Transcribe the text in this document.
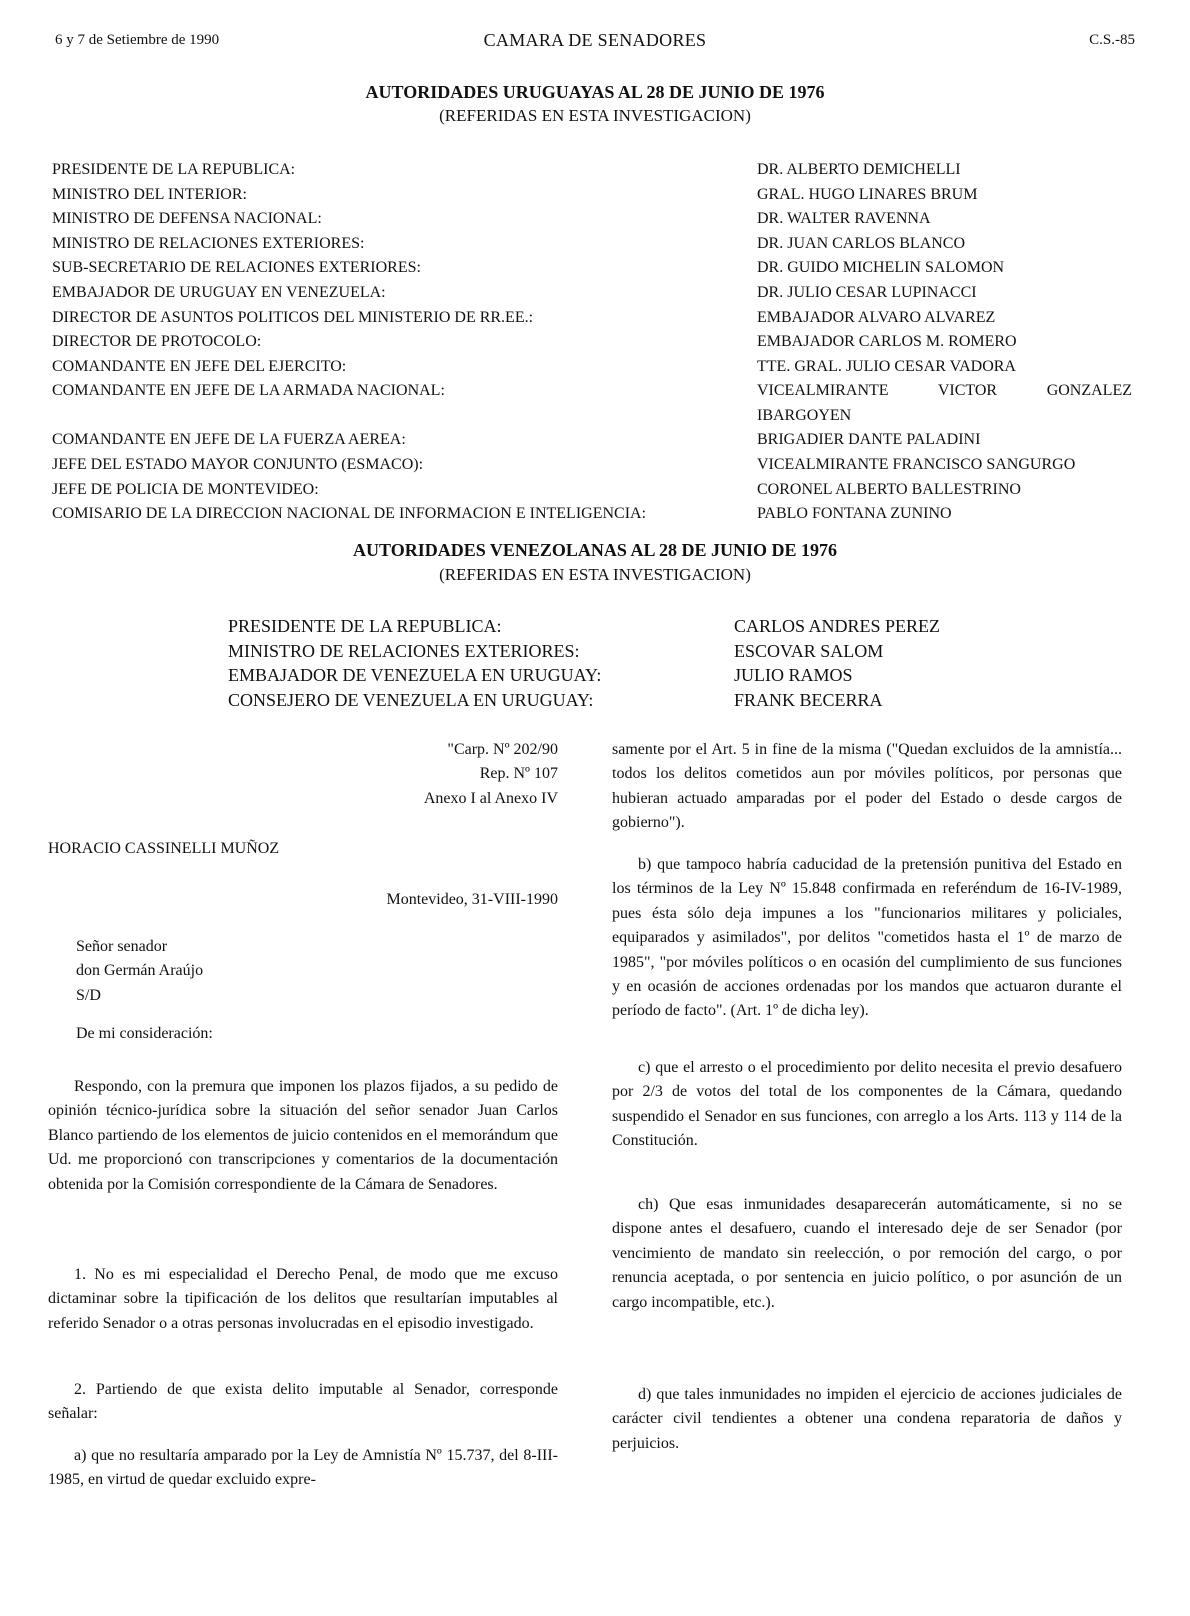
6 y 7 de Setiembre de 1990	CAMARA DE SENADORES	C.S.-85
AUTORIDADES URUGUAYAS AL 28 DE JUNIO DE 1976
(REFERIDAS EN ESTA INVESTIGACION)
PRESIDENTE DE LA REPUBLICA:	DR. ALBERTO DEMICHELLI
MINISTRO DEL INTERIOR:	GRAL. HUGO LINARES BRUM
MINISTRO DE DEFENSA NACIONAL:	DR. WALTER RAVENNA
MINISTRO DE RELACIONES EXTERIORES:	DR. JUAN CARLOS BLANCO
SUB-SECRETARIO DE RELACIONES EXTERIORES:	DR. GUIDO MICHELIN SALOMON
EMBAJADOR DE URUGUAY EN VENEZUELA:	DR. JULIO CESAR LUPINACCI
DIRECTOR DE ASUNTOS POLITICOS DEL MINISTERIO DE RR.EE.:	EMBAJADOR ALVARO ALVAREZ
DIRECTOR DE PROTOCOLO:	EMBAJADOR CARLOS M. ROMERO
COMANDANTE EN JEFE DEL EJERCITO:	TTE. GRAL. JULIO CESAR VADORA
COMANDANTE EN JEFE DE LA ARMADA NACIONAL:	VICEALMIRANTE VICTOR GONZALEZ
IBARGOYEN
COMANDANTE EN JEFE DE LA FUERZA AEREA:	BRIGADIER DANTE PALADINI
JEFE DEL ESTADO MAYOR CONJUNTO (ESMACO):	VICEALMIRANTE FRANCISCO SANGURGO
JEFE DE POLICIA DE MONTEVIDEO:	CORONEL ALBERTO BALLESTRINO
COMISARIO DE LA DIRECCION NACIONAL DE INFORMACION E INTELIGENCIA:	PABLO FONTANA ZUNINO
AUTORIDADES VENEZOLANAS AL 28 DE JUNIO DE 1976
(REFERIDAS EN ESTA INVESTIGACION)
PRESIDENTE DE LA REPUBLICA:	CARLOS ANDRES PEREZ
MINISTRO DE RELACIONES EXTERIORES:	ESCOVAR SALOM
EMBAJADOR DE VENEZUELA EN URUGUAY:	JULIO RAMOS
CONSEJERO DE VENEZUELA EN URUGUAY:	FRANK BECERRA
"Carp. Nº 202/90
Rep. Nº 107
Anexo I al Anexo IV
HORACIO CASSINELLI MUÑOZ
Montevideo, 31-VIII-1990
Señor senador
don Germán Araújo
S/D
De mi consideración:

Respondo, con la premura que imponen los plazos fijados, a su pedido de opinión técnico-jurídica sobre la situación del señor senador Juan Carlos Blanco partiendo de los elementos de juicio contenidos en el memorándum que Ud. me proporcionó con transcripciones y comentarios de la documentación obtenida por la Comisión correspondiente de la Cámara de Senadores.

1. No es mi especialidad el Derecho Penal, de modo que me excuso dictaminar sobre la tipificación de los delitos que resultarían imputables al referido Senador o a otras personas involucradas en el episodio investigado.

2. Partiendo de que exista delito imputable al Senador, corresponde señalar:

a) que no resultaría amparado por la Ley de Amnistía Nº 15.737, del 8-III-1985, en virtud de quedar excluido expre-

samente por el Art. 5 in fine de la misma ("Quedan excluidos de la amnistía... todos los delitos cometidos aun por móviles políticos, por personas que hubieran actuado amparadas por el poder del Estado o desde cargos de gobierno").

b) que tampoco habría caducidad de la pretensión punitiva del Estado en los términos de la Ley Nº 15.848 confirmada en referéndum de 16-IV-1989, pues ésta sólo deja impunes a los "funcionarios militares y policiales, equiparados y asimilados", por delitos "cometidos hasta el 1º de marzo de 1985", "por móviles políticos o en ocasión del cumplimiento de sus funciones y en ocasión de acciones ordenadas por los mandos que actuaron durante el período de facto". (Art. 1º de dicha ley).

c) que el arresto o el procedimiento por delito necesita el previo desafuero por 2/3 de votos del total de los componentes de la Cámara, quedando suspendido el Senador en sus funciones, con arreglo a los Arts. 113 y 114 de la Constitución.

ch) Que esas inmunidades desaparecerán automáticamente, si no se dispone antes el desafuero, cuando el interesado deje de ser Senador (por vencimiento de mandato sin reelección, o por remoción del cargo, o por renuncia aceptada, o por sentencia en juicio político, o por asunción de un cargo incompatible, etc.).

d) que tales inmunidades no impiden el ejercicio de acciones judiciales de carácter civil tendientes a obtener una condena reparatoria de daños y perjuicios.
